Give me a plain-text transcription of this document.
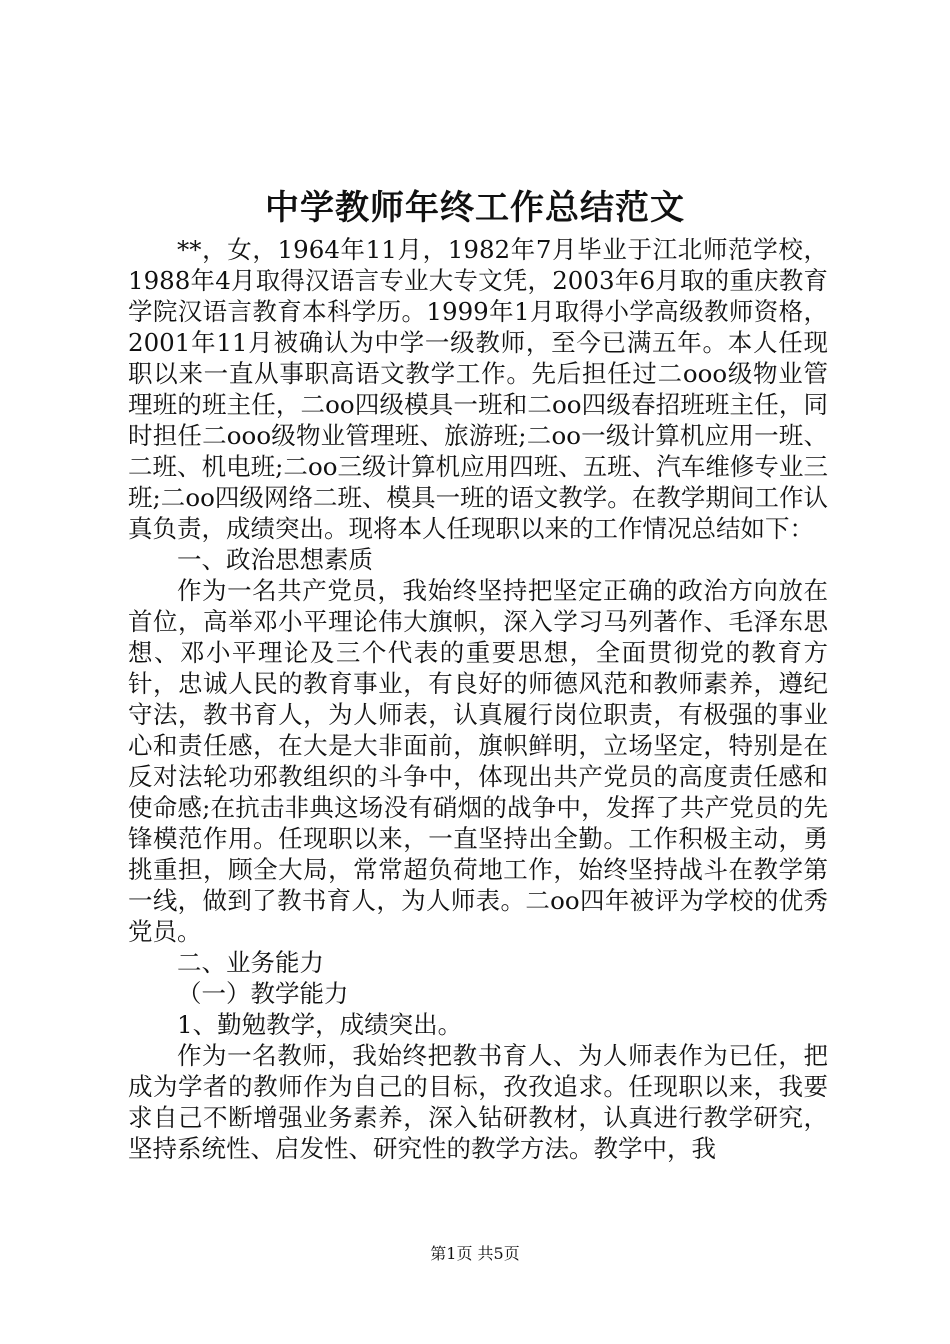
中学教师年终工作总结范文

**，女，1964年11月，1982年7月毕业于江北师范学校，1988年4月取得汉语言专业大专文凭，2003年6月取的重庆教育学院汉语言教育本科学历。1999年1月取得小学高级教师资格，2001年11月被确认为中学一级教师，至今已满五年。本人任现职以来一直从事职高语文教学工作。先后担任过二ooo级物业管理班的班主任，二oo四级模具一班和二oo四级春招班班主任，同时担任二ooo级物业管理班、旅游班;二oo一级计算机应用一班、二班、机电班;二oo三级计算机应用四班、五班、汽车维修专业三班;二oo四级网络二班、模具一班的语文教学。在教学期间工作认真负责，成绩突出。现将本人任现职以来的工作情况总结如下：

一、政治思想素质

作为一名共产党员，我始终坚持把坚定正确的政治方向放在首位，高举邓小平理论伟大旗帜，深入学习马列著作、毛泽东思想、邓小平理论及三个代表的重要思想，全面贯彻党的教育方针，忠诚人民的教育事业，有良好的师德风范和教师素养，遵纪守法，教书育人，为人师表，认真履行岗位职责，有极强的事业心和责任感，在大是大非面前，旗帜鲜明，立场坚定，特别是在反对法轮功邪教组织的斗争中，体现出共产党员的高度责任感和使命感;在抗击非典这场没有硝烟的战争中，发挥了共产党员的先锋模范作用。任现职以来，一直坚持出全勤。工作积极主动，勇挑重担，顾全大局，常常超负荷地工作，始终坚持战斗在教学第一线，做到了教书育人，为人师表。二oo四年被评为学校的优秀党员。

二、业务能力

（一）教学能力

1、勤勉教学，成绩突出。

作为一名教师，我始终把教书育人、为人师表作为已任，把成为学者的教师作为自己的目标，孜孜追求。任现职以来，我要求自己不断增强业务素养，深入钻研教材，认真进行教学研究，坚持系统性、启发性、研究性的教学方法。教学中，我

第1页 共5页
